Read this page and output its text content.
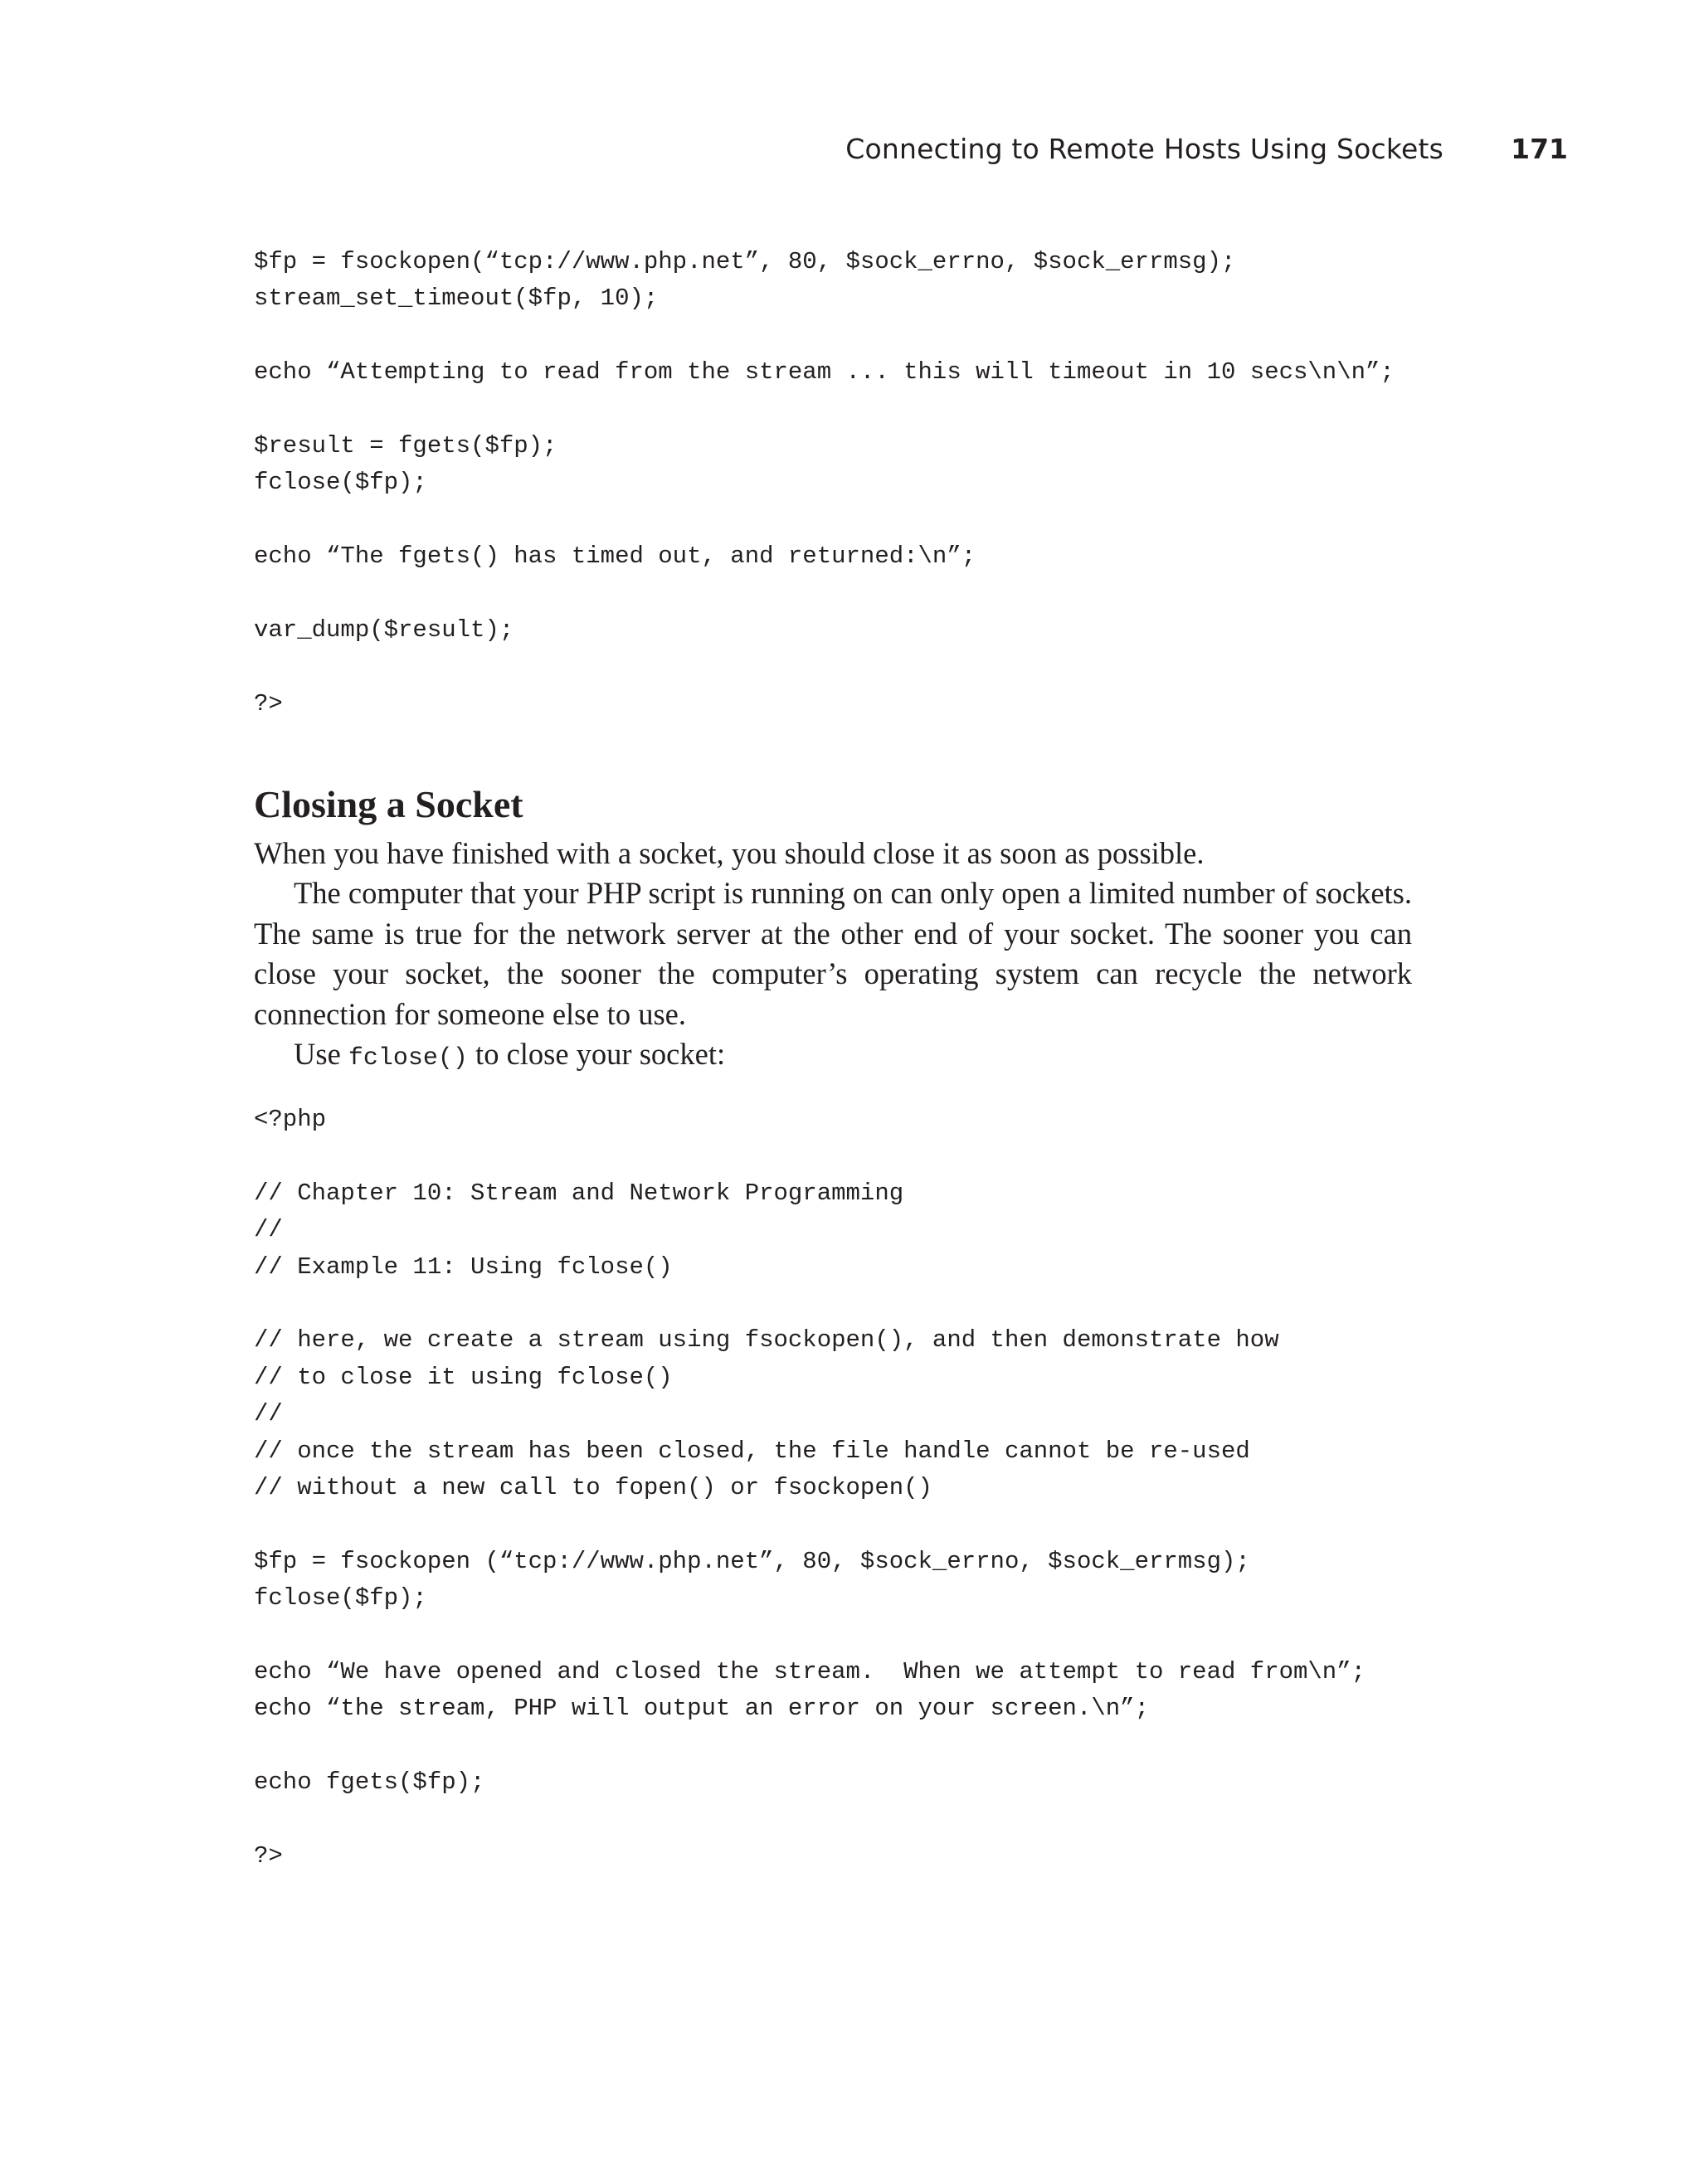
Connecting to Remote Hosts Using Sockets 171
$fp = fsockopen(“tcp://www.php.net”, 80, $sock_errno, $sock_errmsg);
stream_set_timeout($fp, 10);
echo “Attempting to read from the stream ... this will timeout in 10 secs\n\n”;
$result = fgets($fp);
fclose($fp);
echo “The fgets() has timed out, and returned:\n”;
var_dump($result);
?>
Closing a Socket

When you have finished with a socket, you should close it as soon as possible.

The computer that your PHP script is running on can only open a limited number of sockets. The same is true for the network server at the other end of your socket. The sooner you can close your socket, the sooner the computer’s operating system can recycle the network connection for someone else to use.

Use fclose() to close your socket:

<?php
// Chapter 10: Stream and Network Programming
//
// Example 11: Using fclose()
// here, we create a stream using fsockopen(), and then demonstrate how
// to close it using fclose()
//
// once the stream has been closed, the file handle cannot be re-used
// without a new call to fopen() or fsockopen()
$fp = fsockopen (“tcp://www.php.net”, 80, $sock_errno, $sock_errmsg);
fclose($fp);
echo “We have opened and closed the stream.  When we attempt to read from\n”;
echo “the stream, PHP will output an error on your screen.\n”;
echo fgets($fp);
?>
